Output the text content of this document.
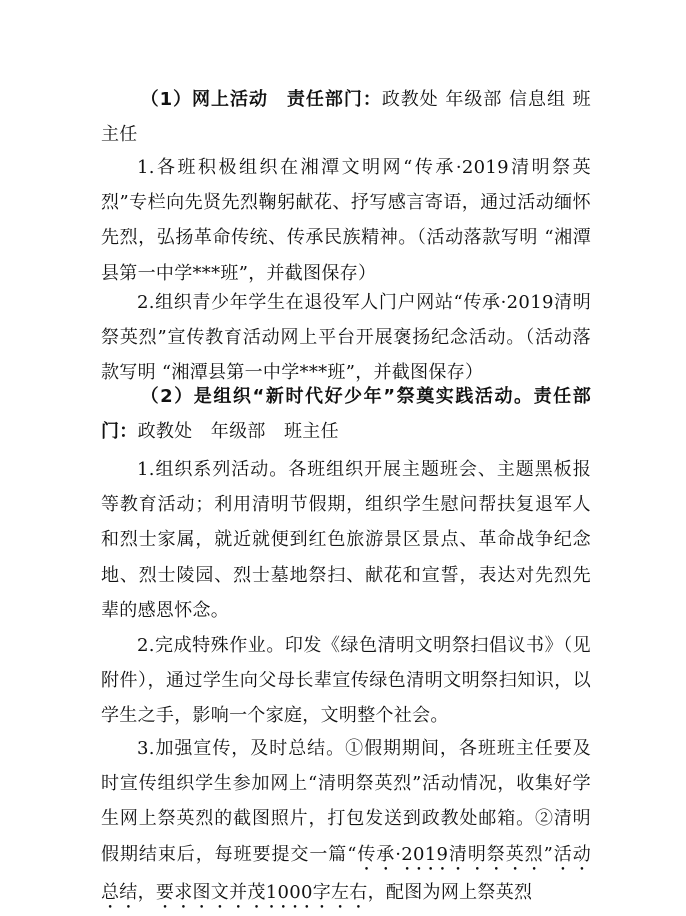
（1）网上活动　责任部门：政教处 年级部 信息组 班主任

1.各班积极组织在湘潭文明网“传承·2019清明祭英烈”专栏向先贤先烈鞠躬献花、抒写感言寄语，通过活动缅怀先烈，弘扬革命传统、传承民族精神。（活动落款写明 “湘潭县第一中学***班”，并截图保存）

2.组织青少年学生在退役军人门户网站“传承·2019清明祭英烈”宣传教育活动网上平台开展褒扬纪念活动。（活动落款写明 “湘潭县第一中学***班”，并截图保存）

（2）是组织“新时代好少年”祭奠实践活动。责任部门：政教处　年级部　班主任

1.组织系列活动。各班组织开展主题班会、主题黑板报等教育活动；利用清明节假期，组织学生慰问帮扶复退军人和烈士家属，就近就便到红色旅游景区景点、革命战争纪念地、烈士陵园、烈士墓地祭扫、献花和宣誓，表达对先烈先辈的感恩怀念。

2.完成特殊作业。印发《绿色清明文明祭扫倡议书》（见附件），通过学生向父母长辈宣传绿色清明文明祭扫知识，以学生之手，影响一个家庭，文明整个社会。

3.加强宣传，及时总结。①假期期间，各班班主任要及时宣传组织学生参加网上“清明祭英烈”活动情况，收集好学生网上祭英烈的截图照片，打包发送到政教处邮箱。②清明假期结束后，每班要提交一篇“传承·2019清明祭英烈”活动总结，要求图文并茂1000字左右，配图为网上祭英烈
